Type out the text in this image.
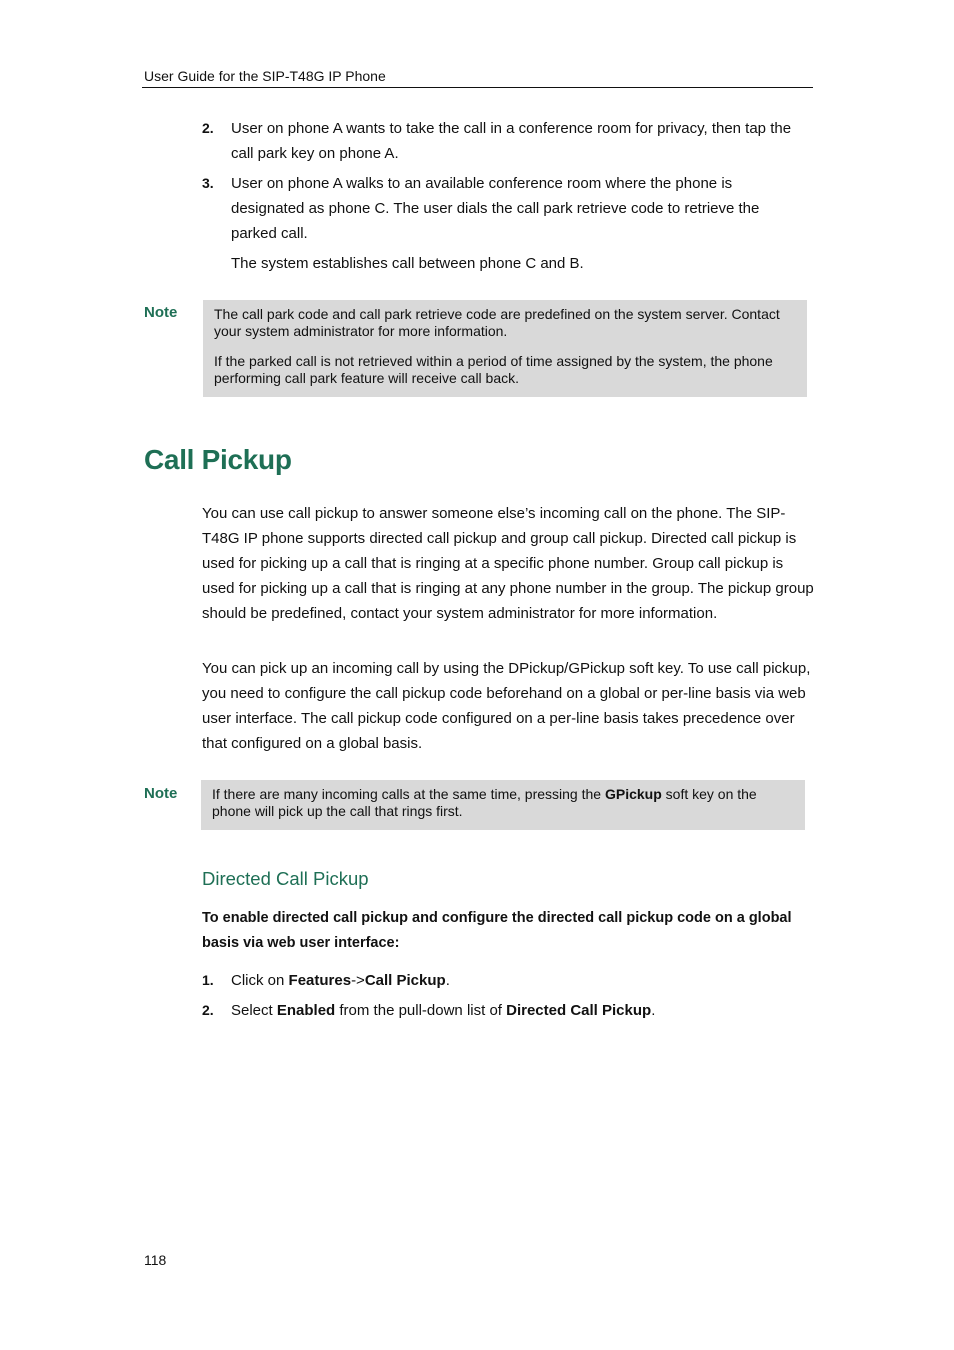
User Guide for the SIP-T48G IP Phone
2.	User on phone A wants to take the call in a conference room for privacy, then tap the call park key on phone A.
3.	User on phone A walks to an available conference room where the phone is designated as phone C. The user dials the call park retrieve code to retrieve the parked call.
The system establishes call between phone C and B.
Note	The call park code and call park retrieve code are predefined on the system server. Contact your system administrator for more information.

If the parked call is not retrieved within a period of time assigned by the system, the phone performing call park feature will receive call back.

Call Pickup
You can use call pickup to answer someone else’s incoming call on the phone. The SIP-T48G IP phone supports directed call pickup and group call pickup. Directed call pickup is used for picking up a call that is ringing at a specific phone number. Group call pickup is used for picking up a call that is ringing at any phone number in the group. The pickup group should be predefined, contact your system administrator for more information.
You can pick up an incoming call by using the DPickup/GPickup soft key. To use call pickup, you need to configure the call pickup code beforehand on a global or per-line basis via web user interface. The call pickup code configured on a per-line basis takes precedence over that configured on a global basis.
Note If there are many incoming calls at the same time, pressing the GPickup soft key on the phone will pick up the call that rings first.

Directed Call Pickup
To enable directed call pickup and configure the directed call pickup code on a global basis via web user interface:
1.	Click on Features->Call Pickup.
2.	Select Enabled from the pull-down list of Directed Call Pickup.
118
